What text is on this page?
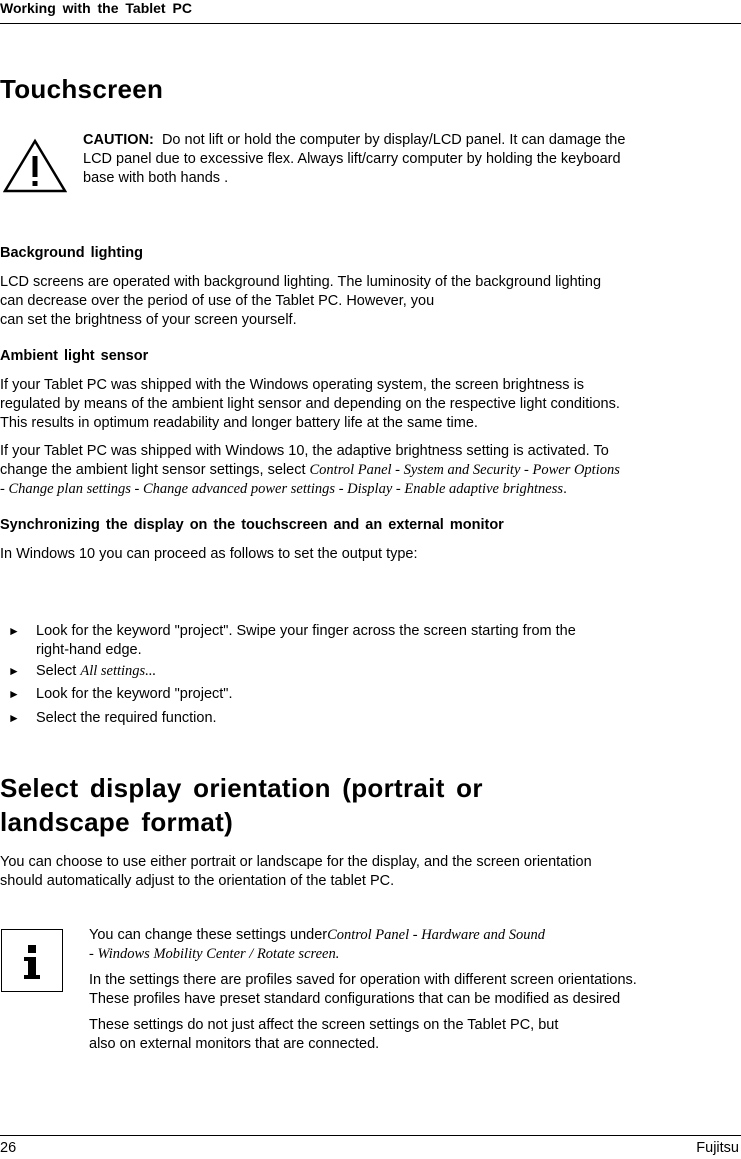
Working with the Tablet PC
Touchscreen
CAUTION: Do not lift or hold the computer by display/LCD panel. It can damage the
LCD panel due to excessive flex. Always lift/carry computer by holding the keyboard
base with both hands .
Background lighting
LCD screens are operated with background lighting. The luminosity of the background lighting
can decrease over the period of use of the Tablet PC. However, you
can set the brightness of your screen yourself.
Ambient light sensor
If your Tablet PC was shipped with the Windows operating system, the screen brightness is
regulated by means of the ambient light sensor and depending on the respective light conditions.
This results in optimum readability and longer battery life at the same time.
If your Tablet PC was shipped with Windows 10, the adaptive brightness setting is activated. To
change the ambient light sensor settings, select Control Panel - System and Security - Power Options
- Change plan settings - Change advanced power settings - Display - Enable adaptive brightness.
Synchronizing the display on the touchscreen and an external monitor
In Windows 10 you can proceed as follows to set the output type:
► Look for the keyword "project". Swipe your finger across the screen starting from the
right-hand edge.
► Select All settings...
► Look for the keyword "project".
► Select the required function.
Select display orientation (portrait or
landscape format)
You can choose to use either portrait or landscape for the display, and the screen orientation
should automatically adjust to the orientation of the tablet PC.
You can change these settings underControl Panel - Hardware and Sound
- Windows Mobility Center / Rotate screen.
In the settings there are profiles saved for operation with different screen orientations.
These profiles have preset standard configurations that can be modified as desired
These settings do not just affect the screen settings on the Tablet PC, but
also on external monitors that are connected.
26	Fujitsu
